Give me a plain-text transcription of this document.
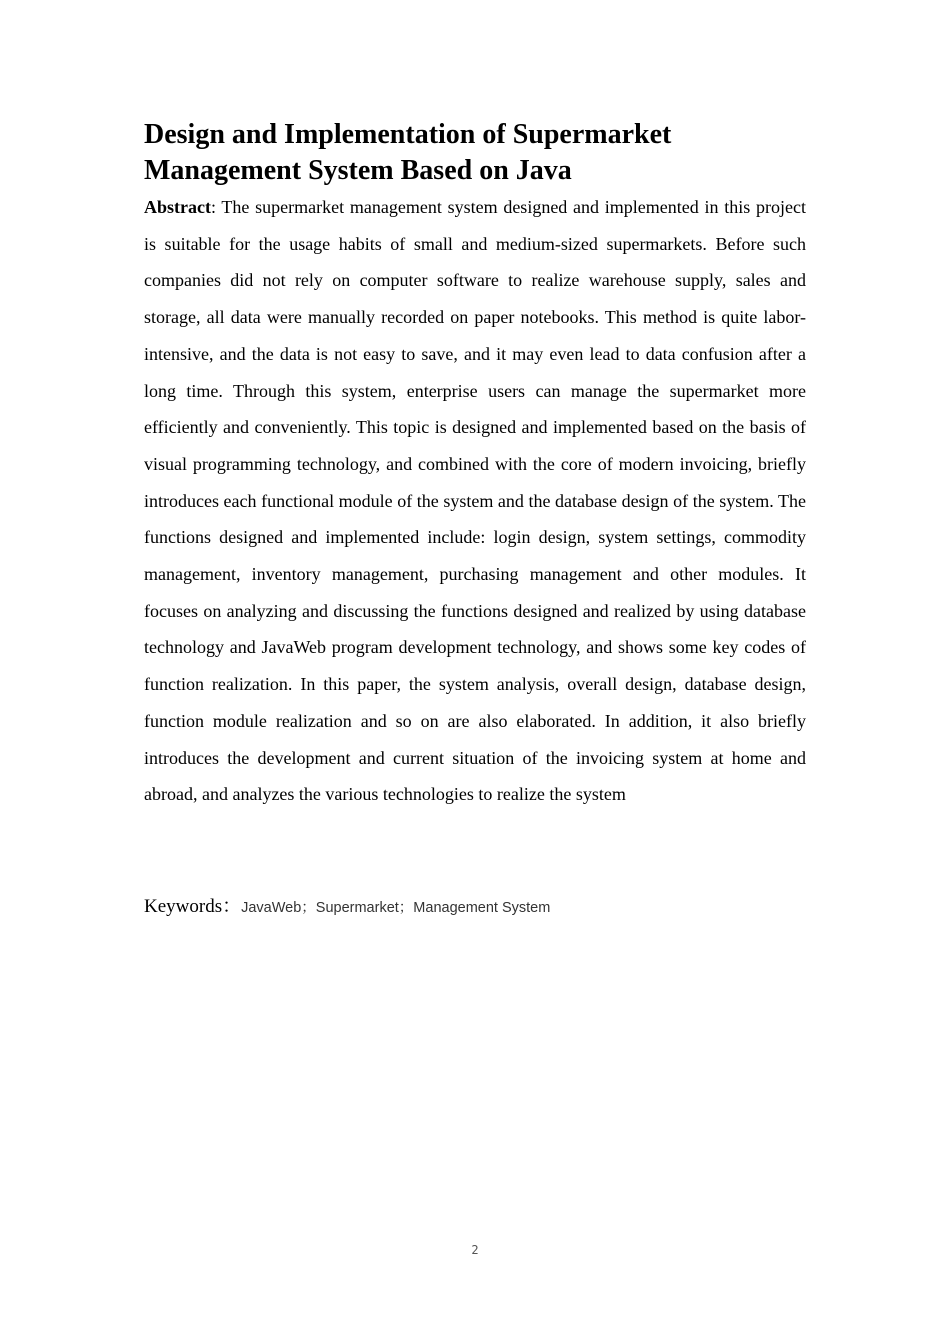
Design and Implementation of Supermarket
Management System Based on Java

Abstract: The supermarket management system designed and implemented in this project is suitable for the usage habits of small and medium-sized supermarkets. Before such companies did not rely on computer software to realize warehouse supply, sales and storage, all data were manually recorded on paper notebooks. This method is quite labor-intensive, and the data is not easy to save, and it may even lead to data confusion after a long time. Through this system, enterprise users can manage the supermarket more efficiently and conveniently. This topic is designed and implemented based on the basis of visual programming technology, and combined with the core of modern invoicing, briefly introduces each functional module of the system and the database design of the system. The functions designed and implemented include: login design, system settings, commodity management, inventory management, purchasing management and other modules. It focuses on analyzing and discussing the functions designed and realized by using database technology and JavaWeb program development technology, and shows some key codes of function realization. In this paper, the system analysis, overall design, database design, function module realization and so on are also elaborated. In addition, it also briefly introduces the development and current situation of the invoicing system at home and abroad, and analyzes the various technologies to realize the system

Keywords：JavaWeb；Supermarket；Management System

2
